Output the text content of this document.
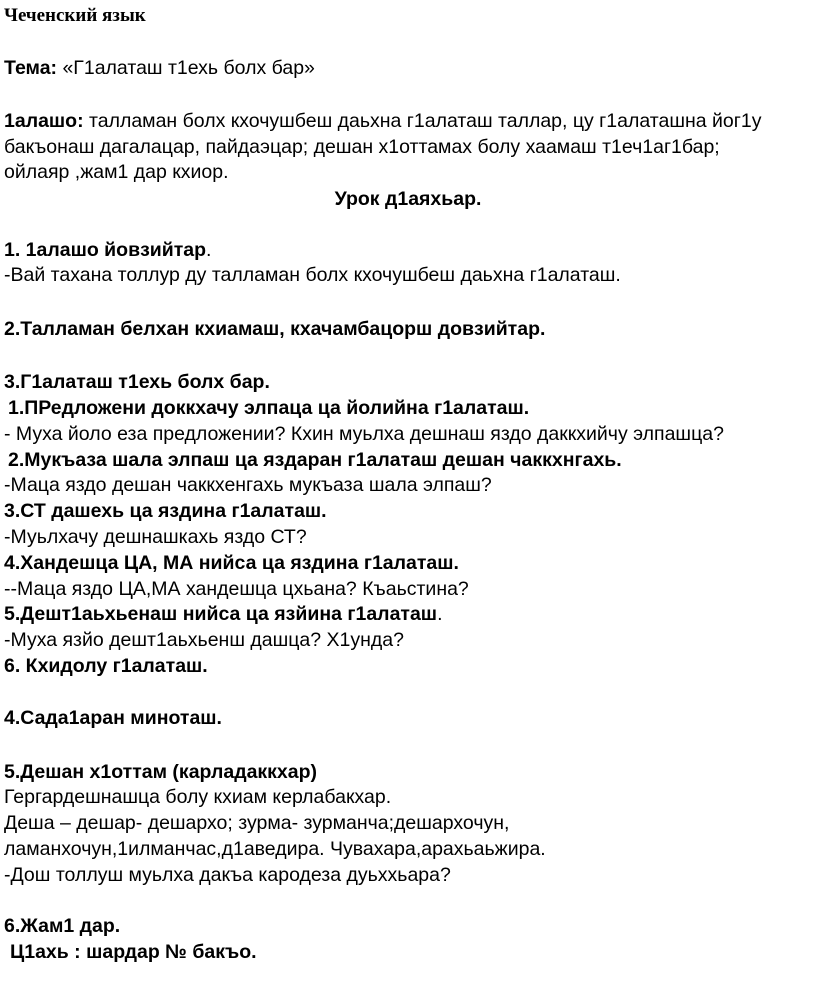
Чеченский язык
Тема: «Г1алаташ т1ехь болх бар»
1алашо: талламан болх кхочушбеш даьхна г1алаташ таллар, цу г1алаташна йог1у
бакъонаш дагалацар, пайдаэцар; дешан х1оттамах болу хаамаш т1еч1аг1бар;
ойлаяр ,жам1 дар кхиор.
Урок д1аяхьар.
1. 1алашо йовзийтар.
-Вай тахана толлур ду талламан болх кхочушбеш даьхна г1алаташ.
2.Талламан белхан кхиамаш, кхачамбацорш довзийтар.
3.Г1алаташ т1ехь болх бар.
1.ПРедложени доккхачу элпаца ца йолийна г1алаташ.
- Муха йоло еза предложении? Кхин муьлха дешнаш яздо даккхийчу элпашца?
2.Мукъаза шала элпаш ца яздаран г1алаташ дешан чаккхнгахь.
-Маца яздо дешан чаккхенгахь мукъаза шала элпаш?
3.СТ дашехь ца яздина г1алаташ.
-Муьлхачу дешнашкахь яздо СТ?
4.Хандешца ЦА, МА нийса ца яздина г1алаташ.
--Маца яздо ЦА,МА хандешца цхьана? Къаьстина?
5.Дешт1аьхьенаш нийса ца язйина г1алаташ.
-Муха язйо дешт1аьхьенш дашца? Х1унда?
6. Кхидолу г1алаташ.
4.Сада1аран миноташ.
5.Дешан х1оттам (карладаккхар)
Гергардешнашца болу кхиам керлабакхар.
Деша – дешар- дешархо; зурма- зурманча;дешархочун,
ламанхочун,1илманчас,д1аведира. Чувахара,арахьаьжира.
-Дош толлуш муьлха дакъа кародеза дуьххьара?
6.Жам1 дар.
Ц1ахь : шардар № бакъо.
